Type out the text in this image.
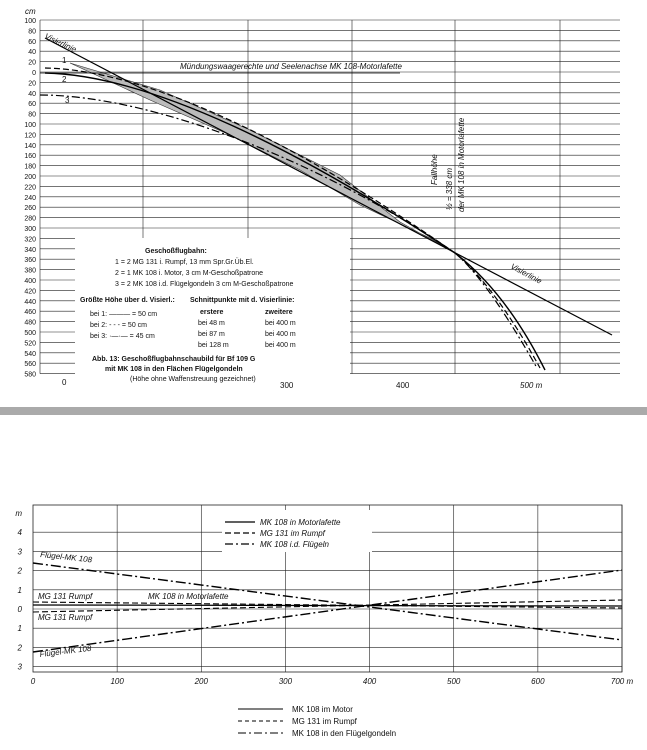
100
80
60
40
20
0
20
40
60
80
100
120
140
160
180
200
220
240
260
280
300
320
340
360
380
400
420
440
460
480
500
520
540
560
580
cm
Visierlinie
Visierlinie
Mündungswaagerechte und Seelenachse MK 108-Motorlafette
1
2
3
Fallhöhe ½ = 338 cm der MK 108 in Motorlafette
Geschoßflugbahn:
1 = 2 MG 131 i. Rumpf, 13 mm Spr.Gr.Üb.El.
2 = 1 MK 108 i. Motor, 3 cm M-Geschoßpatrone
3 = 2 MK 108 i.d. Flügelgondeln 3 cm M-Geschoßpatrone
Größte Höhe über d. Visierl.:
bei 1: ——— = 50 cm
bei 2: - - - = 50 cm
bei 3: ·—·— = 45 cm
Schnittpunkte mit d. Visierlinie:
erstere	zweitere
bei 48 m	bei 400 m
bei 87 m	bei 400 m
bei 128 m	bei 400 m
Abb. 13: Geschoßflugbahnschaubild für Bf 109 G
mit MK 108 in den Flächen Flügelgondeln
(Höhe ohne Waffenstreuung gezeichnet)
0	300	400	500 m
0	100	200	300	400	500	600	700 m
m
4
3
2
1
0
1
2
3
MK 108 in Motorlafette
MG 131 im Rumpf
MK 108 i.d. Flügeln
Flügel-MK 108
Flügel-MK 108
MG 131 Rumpf
MG 131 Rumpf
MK 108 in Motorlafette
MK 108 im Motor
MG 131 im Rumpf
MK 108 in den Flügelgondeln
